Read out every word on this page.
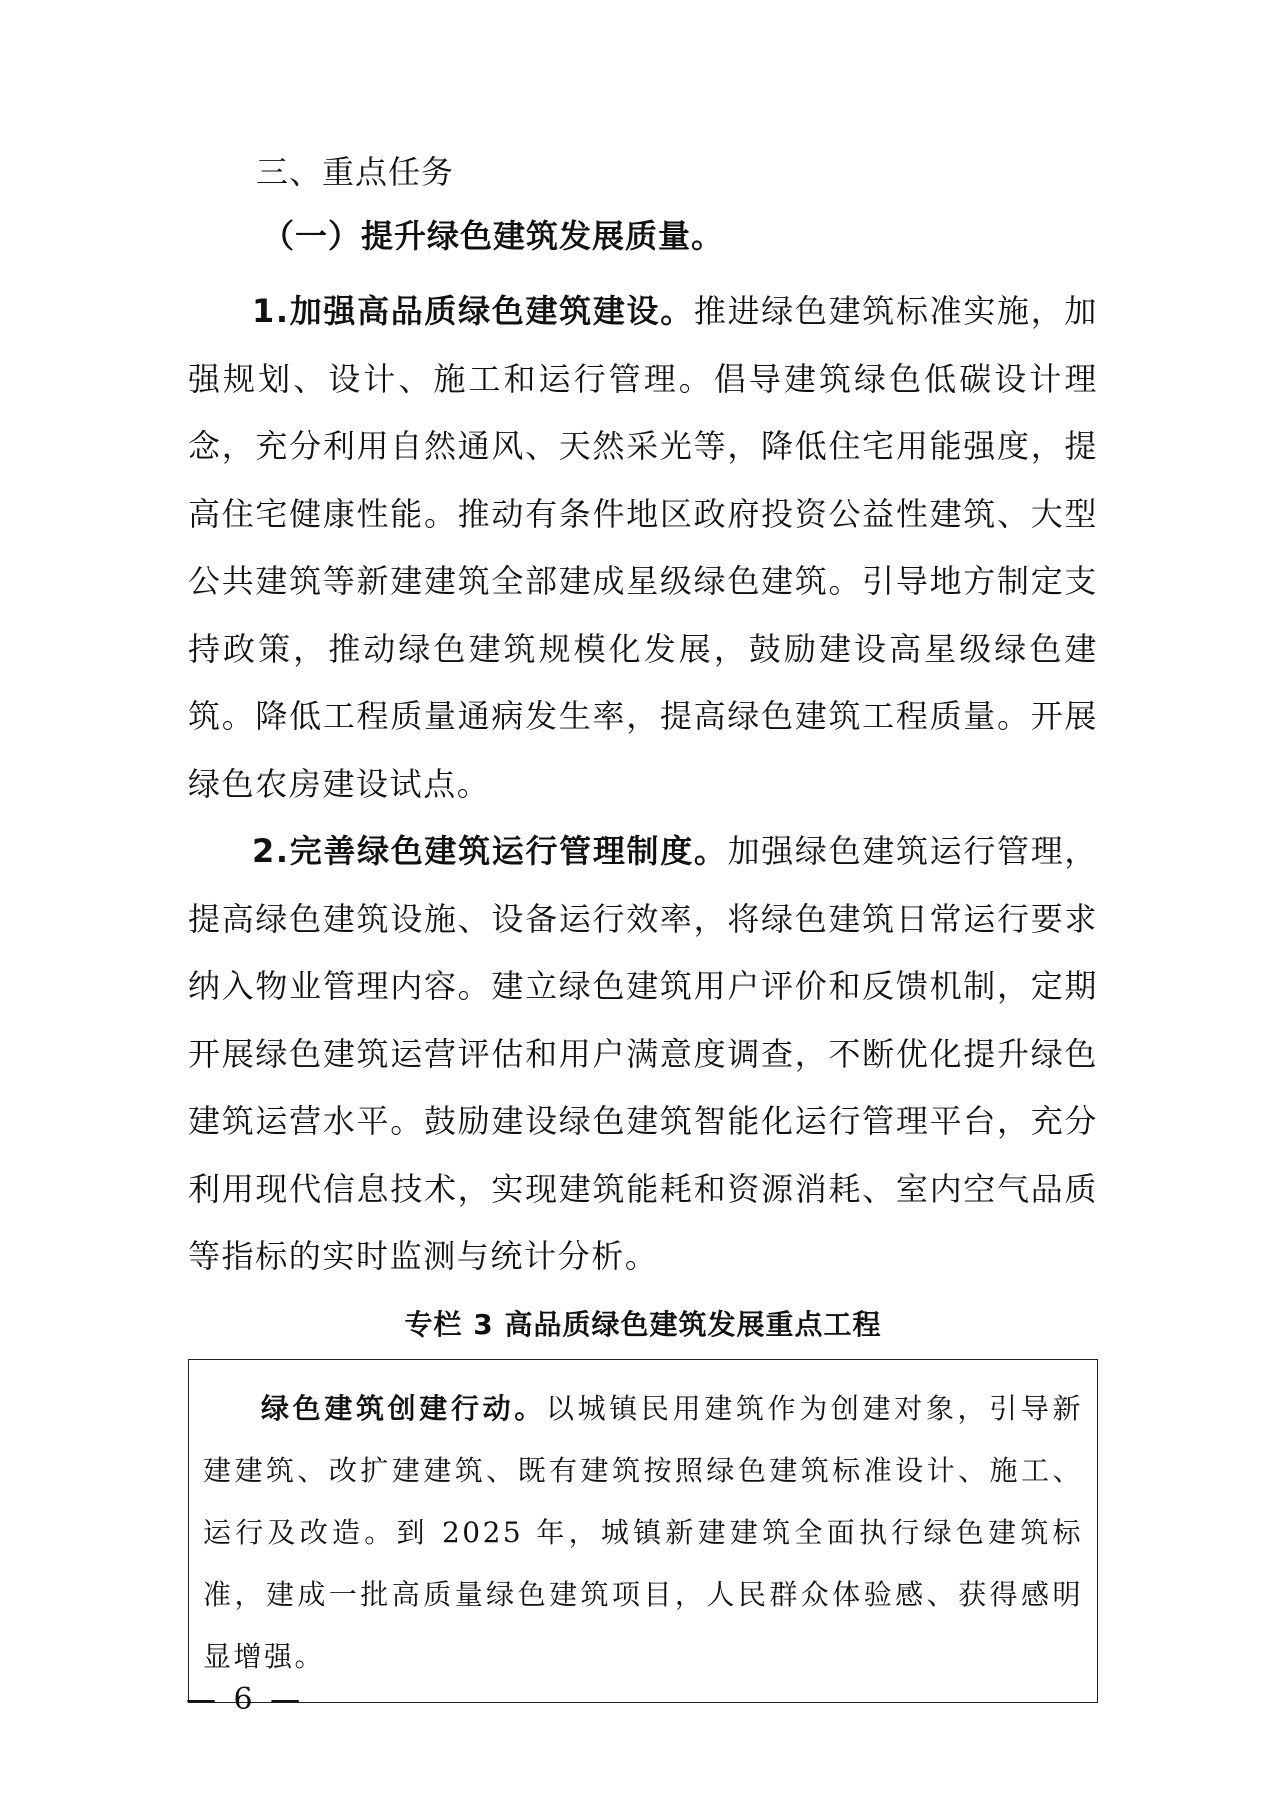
三、重点任务
（一）提升绿色建筑发展质量。

1.加强高品质绿色建筑建设。推进绿色建筑标准实施，加强规划、设计、施工和运行管理。倡导建筑绿色低碳设计理念，充分利用自然通风、天然采光等，降低住宅用能强度，提高住宅健康性能。推动有条件地区政府投资公益性建筑、大型公共建筑等新建建筑全部建成星级绿色建筑。引导地方制定支持政策，推动绿色建筑规模化发展，鼓励建设高星级绿色建筑。降低工程质量通病发生率，提高绿色建筑工程质量。开展绿色农房建设试点。

2.完善绿色建筑运行管理制度。加强绿色建筑运行管理，提高绿色建筑设施、设备运行效率，将绿色建筑日常运行要求纳入物业管理内容。建立绿色建筑用户评价和反馈机制，定期开展绿色建筑运营评估和用户满意度调查，不断优化提升绿色建筑运营水平。鼓励建设绿色建筑智能化运行管理平台，充分利用现代信息技术，实现建筑能耗和资源消耗、室内空气品质等指标的实时监测与统计分析。

专栏 3 高品质绿色建筑发展重点工程

绿色建筑创建行动。以城镇民用建筑作为创建对象，引导新建建筑、改扩建建筑、既有建筑按照绿色建筑标准设计、施工、运行及改造。到 2025 年，城镇新建建筑全面执行绿色建筑标准，建成一批高质量绿色建筑项目，人民群众体验感、获得感明显增强。

— 6 —
